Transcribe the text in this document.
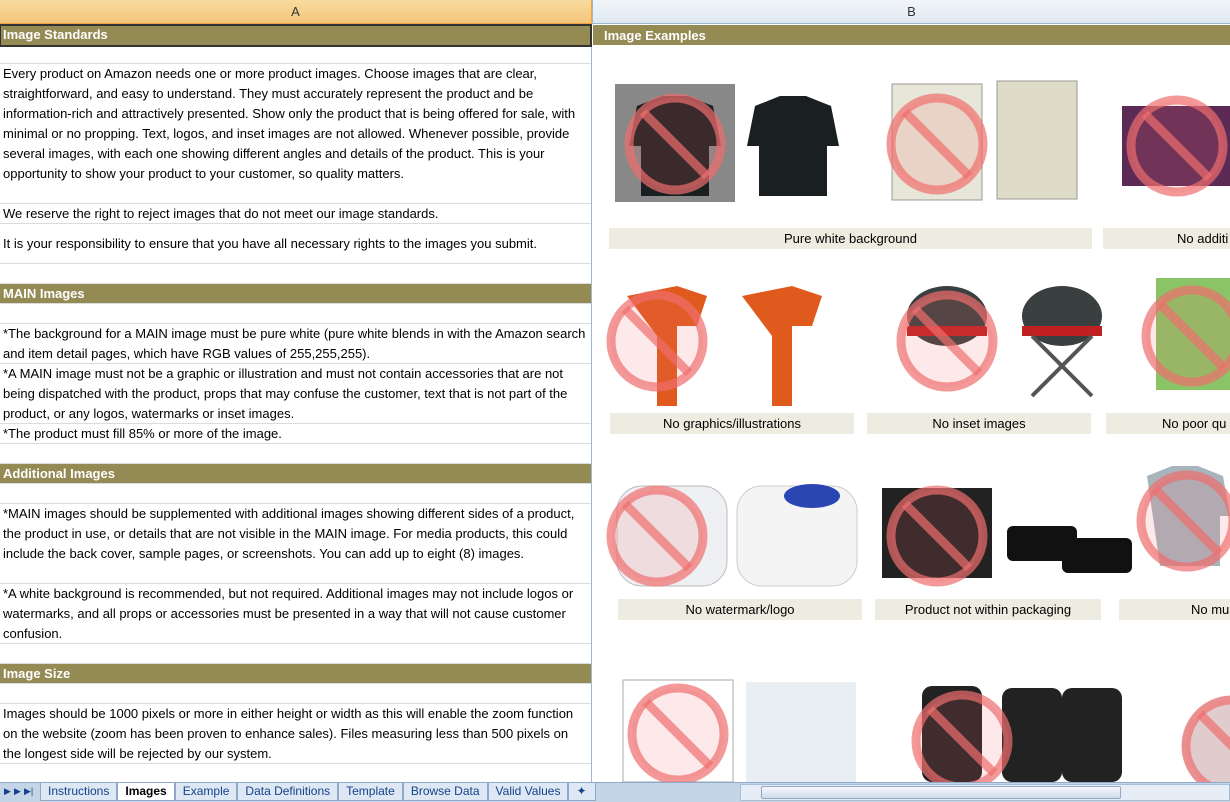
A	B
Image Standards
Every product on Amazon needs one or more product images. Choose images that are clear, straightforward, and easy to understand. They must accurately represent the product and be information-rich and attractively presented. Show only the product that is being offered for sale, with minimal or no propping. Text, logos, and inset images are not allowed. Whenever possible, provide several images, with each one showing different angles and details of the product. This is your opportunity to show your product to your customer, so quality matters.
We reserve the right to reject images that do not meet our image standards.
It is your responsibility to ensure that you have all necessary rights to the images you submit.
MAIN Images
*The background for a MAIN image must be pure white (pure white blends in with the Amazon search and item detail pages, which have RGB values of 255,255,255).
*A MAIN image must not be a graphic or illustration and must not contain accessories that are not being dispatched with the product, props that may confuse the customer, text that is not part of the product, or any logos, watermarks or inset images.
*The product must fill 85% or more of the image.
Additional Images
*MAIN images should be supplemented with additional images showing different sides of a product, the product in use, or details that are not visible in the MAIN image. For media products, this could include the back cover, sample pages, or screenshots. You can add up to eight (8) images.
*A white background is recommended, but not required. Additional images may not include logos or watermarks, and all props or accessories must be presented in a way that will not cause customer confusion.
Image Size
Images should be 1000 pixels or more in either height or width as this will enable the zoom function on the website (zoom has been proven to enhance sales). Files measuring less than 500 pixels on the longest side will be rejected by our system.
Image Examples
Pure white background	No additi
No graphics/illustrations	No inset images	No poor qu
No watermark/logo	Product not within packaging	No mu
▶ ▶ ▶|	Instructions	Images	Example	Data Definitions	Template	Browse Data	Valid Values	✦
